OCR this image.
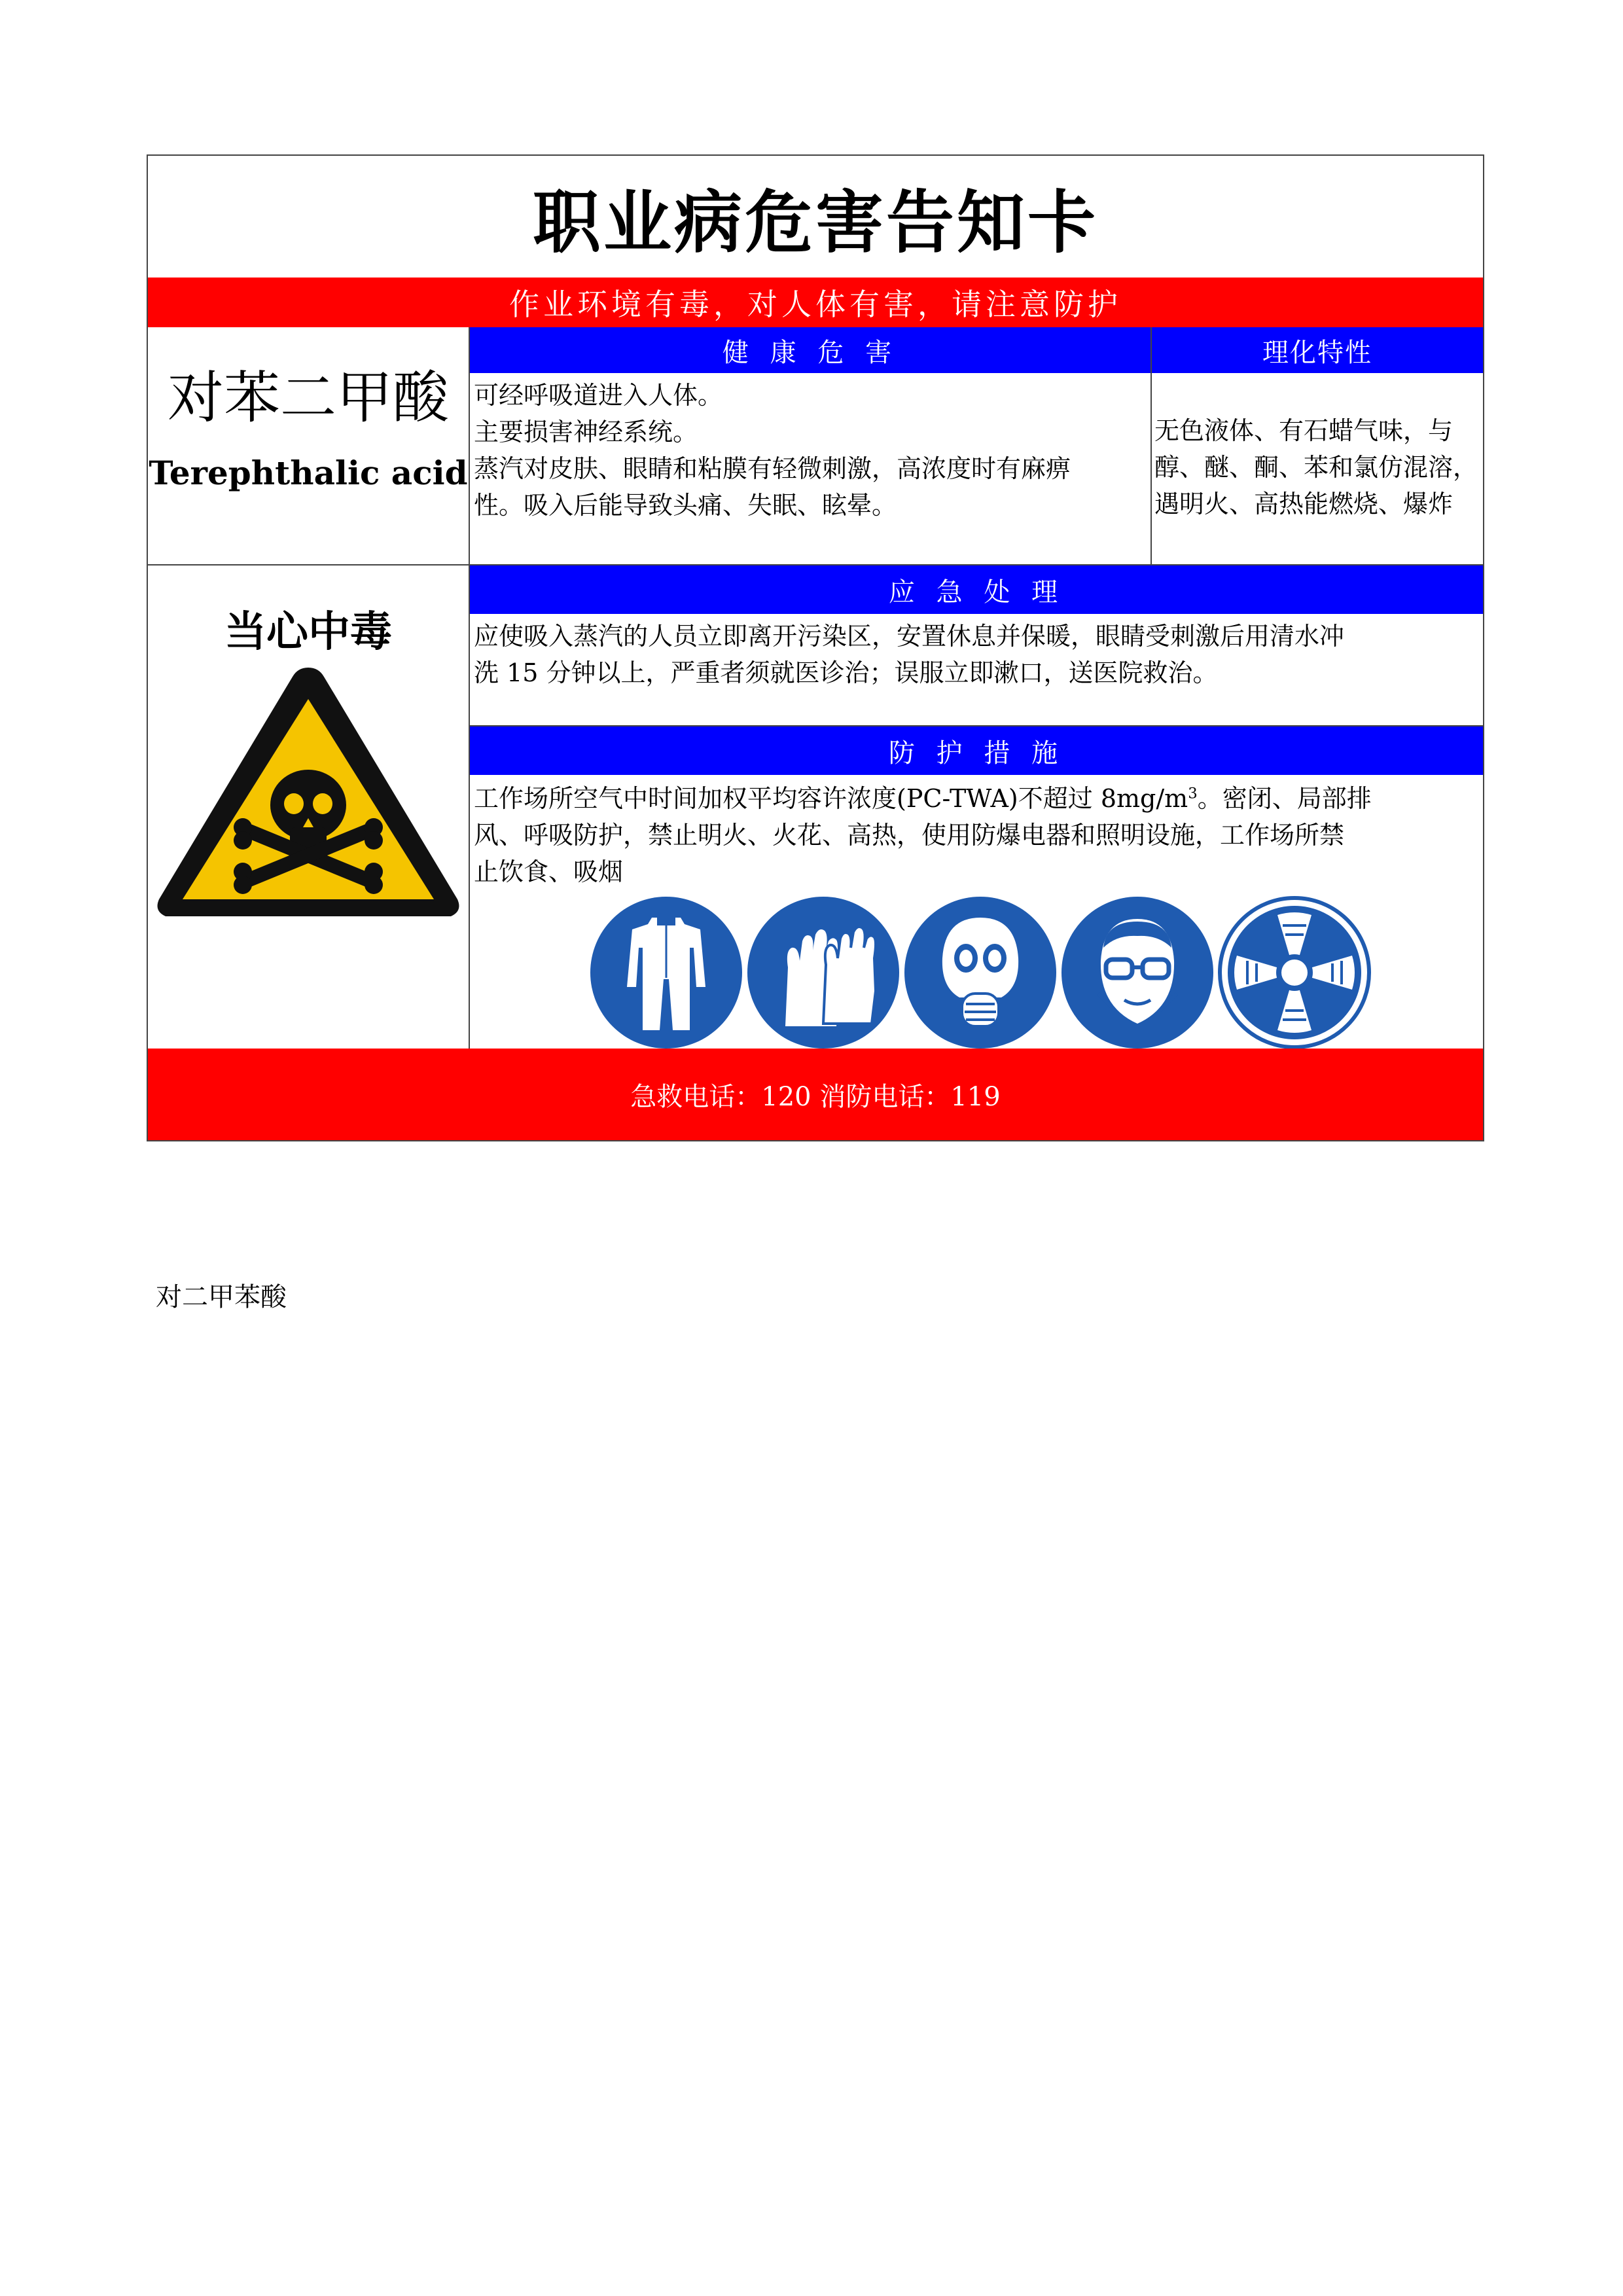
职业病危害告知卡
作业环境有毒，对人体有害，请注意防护
对苯二甲酸
Terephthalic acid
健 康 危 害
可经呼吸道进入人体。
主要损害神经系统。
蒸汽对皮肤、眼睛和粘膜有轻微刺激，高浓度时有麻痹
性。吸入后能导致头痛、失眠、眩晕。
理化特性
无色液体、有石蜡气味，与
醇、醚、酮、苯和氯仿混溶，
遇明火、高热能燃烧、爆炸
当心中毒
应 急 处 理
应使吸入蒸汽的人员立即离开污染区，安置休息并保暖，眼睛受刺激后用清水冲
洗 15 分钟以上，严重者须就医诊治；误服立即漱口，送医院救治。
防 护 措 施
工作场所空气中时间加权平均容许浓度(PC-TWA)不超过 $8mg/m^3$。密闭、局部排
风、呼吸防护，禁止明火、火花、高热，使用防爆电器和照明设施，工作场所禁
止饮食、吸烟
急救电话：120 消防电话：119
对二甲苯酸
